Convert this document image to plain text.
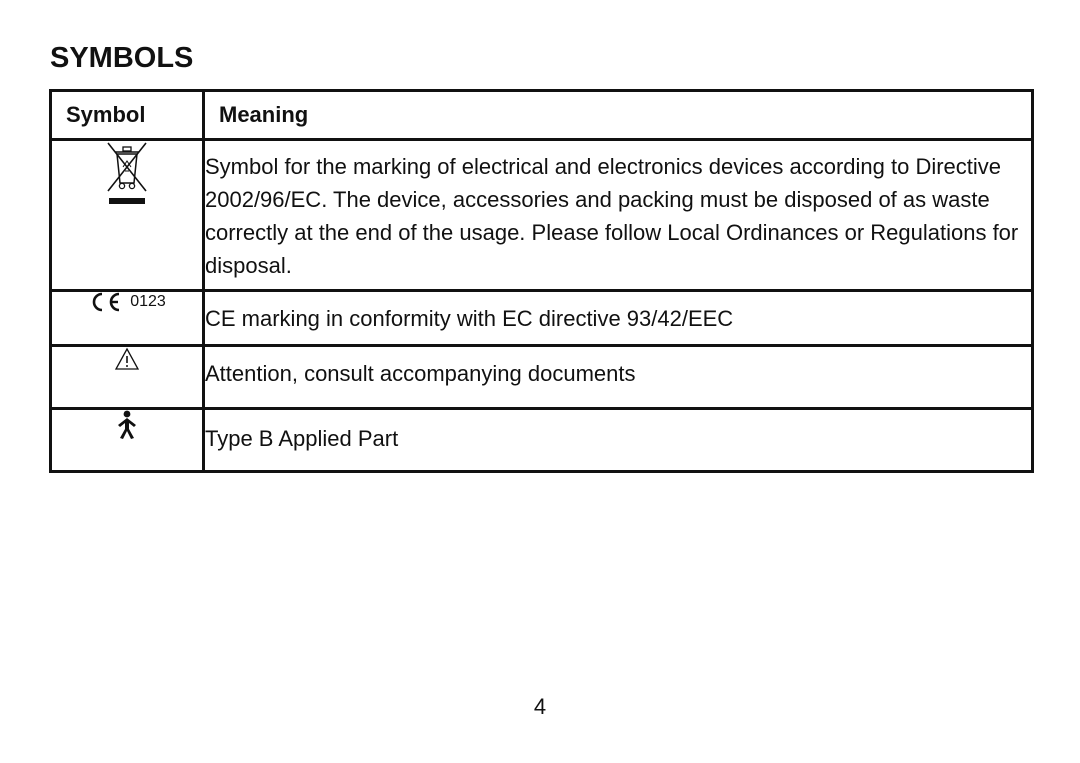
SYMBOLS
Symbol	Meaning
	Symbol for the marking of electrical and electronics devices according to Directive 2002/96/EC. The device, accessories and packing must be disposed of as waste correctly at the end of the usage. Please follow Local Ordinances or Regulations for disposal.

0123	CE marking in conformity with EC directive 93/42/EEC
	Attention, consult accompanying documents
	Type B Applied Part
4
